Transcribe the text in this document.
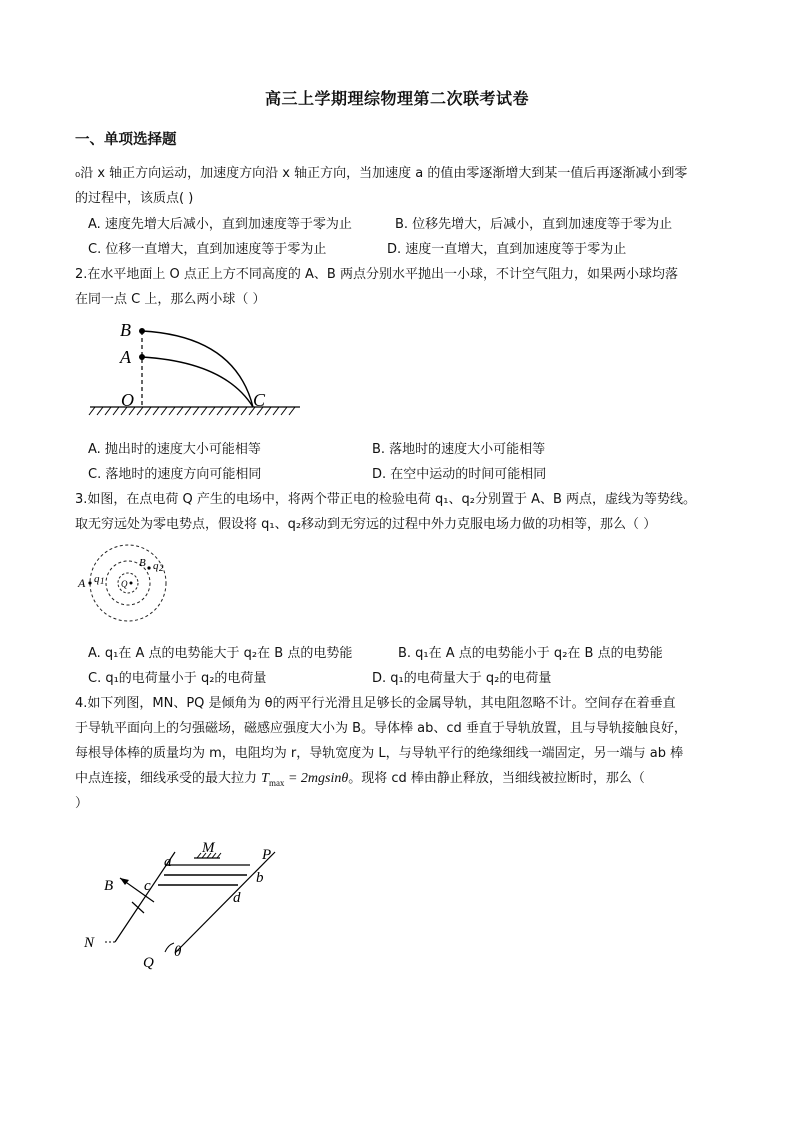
高三上学期理综物理第二次联考试卷
一、单项选择题
₀沿 x 轴正方向运动，加速度方向沿 x 轴正方向，当加速度 a 的值由零逐渐增大到某一值后再逐渐减小到零
的过程中，该质点( )
A. 速度先增大后减小，直到加速度等于零为止	B. 位移先增大，后减小，直到加速度等于零为止
C. 位移一直增大，直到加速度等于零为止	D. 速度一直增大，直到加速度等于零为止
2.在水平地面上 O 点正上方不同高度的 A、B 两点分别水平抛出一小球，不计空气阻力，如果两小球均落
在同一点 C 上，那么两小球（ ）
B
A
O	C
A. 抛出时的速度大小可能相等	B. 落地时的速度大小可能相等
C. 落地时的速度方向可能相同	D. 在空中运动的时间可能相同
3.如图，在点电荷 Q 产生的电场中，将两个带正电的检验电荷 q₁、q₂分别置于 A、B 两点，虚线为等势线。
取无穷远处为零电势点，假设将 q₁、q₂移动到无穷远的过程中外力克服电场力做的功相等，那么（ ）
A q 1
B q 2
Q
A. q₁在 A 点的电势能大于 q₂在 B 点的电势能	B. q₁在 A 点的电势能小于 q₂在 B 点的电势能
C. q₁的电荷量小于 q₂的电荷量	D. q₁的电荷量大于 q₂的电荷量
4.如下列图，MN、PQ 是倾角为 θ的两平行光滑且足够长的金属导轨，其电阻忽略不计。空间存在着垂直
于导轨平面向上的匀强磁场，磁感应强度大小为 B。导体棒 ab、cd 垂直于导轨放置，且与导轨接触良好，
每根导体棒的质量均为 m，电阻均为 r，导轨宽度为 L，与导轨平行的绝缘细线一端固定，另一端与 ab 棒
中点连接，细线承受的最大拉力 $T_{max} = 2mgsin\theta$。现将 cd 棒由静止释放，当细线被拉断时，那么（
）
M	P
a
b
c
d
B
N
Q
θ
